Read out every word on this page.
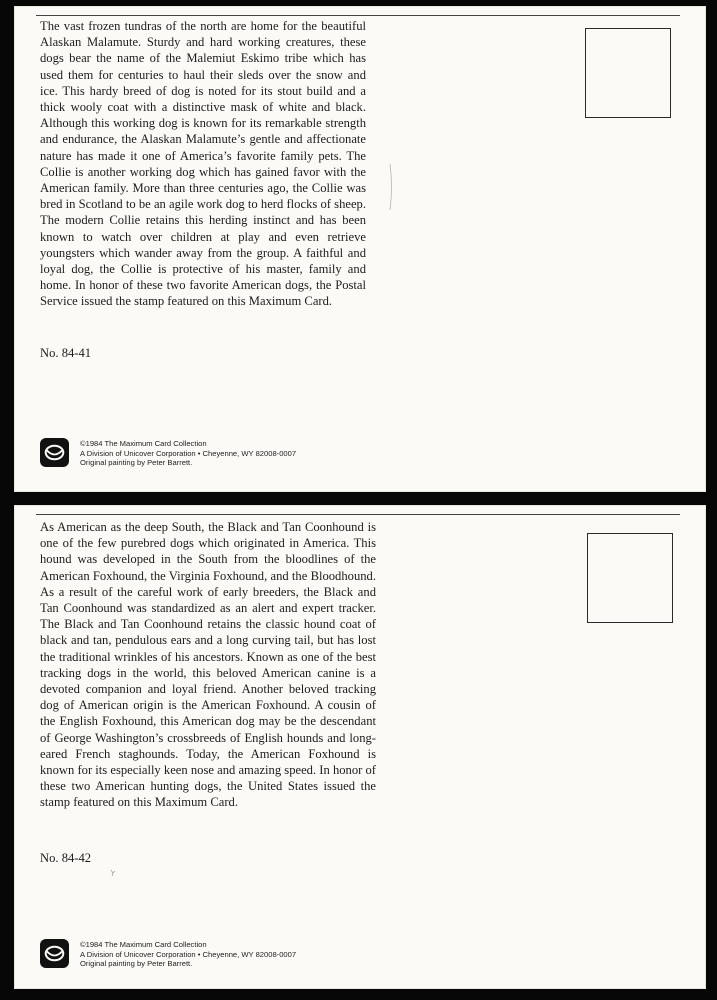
The vast frozen tundras of the north are home for the beautiful Alaskan Malamute. Sturdy and hard working creatures, these dogs bear the name of the Malemiut Eskimo tribe which has used them for centuries to haul their sleds over the snow and ice. This hardy breed of dog is noted for its stout build and a thick wooly coat with a distinctive mask of white and black. Although this working dog is known for its remarkable strength and endurance, the Alaskan Malamute’s gentle and affectionate nature has made it one of America’s favorite family pets. The Collie is another working dog which has gained favor with the American family. More than three centuries ago, the Collie was bred in Scotland to be an agile work dog to herd flocks of sheep. The modern Collie retains this herding instinct and has been known to watch over children at play and even retrieve youngsters which wander away from the group. A faithful and loyal dog, the Collie is protective of his master, family and home. In honor of these two favorite American dogs, the Postal Service issued the stamp featured on this Maximum Card.

No. 84-41

©1984 The Maximum Card Collection
A Division of Unicover Corporation • Cheyenne, WY 82008-0007
Original painting by Peter Barrett.

As American as the deep South, the Black and Tan Coonhound is one of the few purebred dogs which originated in America. This hound was developed in the South from the bloodlines of the American Foxhound, the Virginia Foxhound, and the Bloodhound. As a result of the careful work of early breeders, the Black and Tan Coonhound was standardized as an alert and expert tracker. The Black and Tan Coonhound retains the classic hound coat of black and tan, pendulous ears and a long curving tail, but has lost the traditional wrinkles of his ancestors. Known as one of the best tracking dogs in the world, this beloved American canine is a devoted companion and loyal friend. Another beloved tracking dog of American origin is the American Foxhound. A cousin of the English Foxhound, this American dog may be the descendant of George Washington’s crossbreeds of English hounds and long-eared French staghounds. Today, the American Foxhound is known for its especially keen nose and amazing speed. In honor of these two American hunting dogs, the United States issued the stamp featured on this Maximum Card.

No. 84-42

©1984 The Maximum Card Collection
A Division of Unicover Corporation • Cheyenne, WY 82008-0007
Original painting by Peter Barrett.
